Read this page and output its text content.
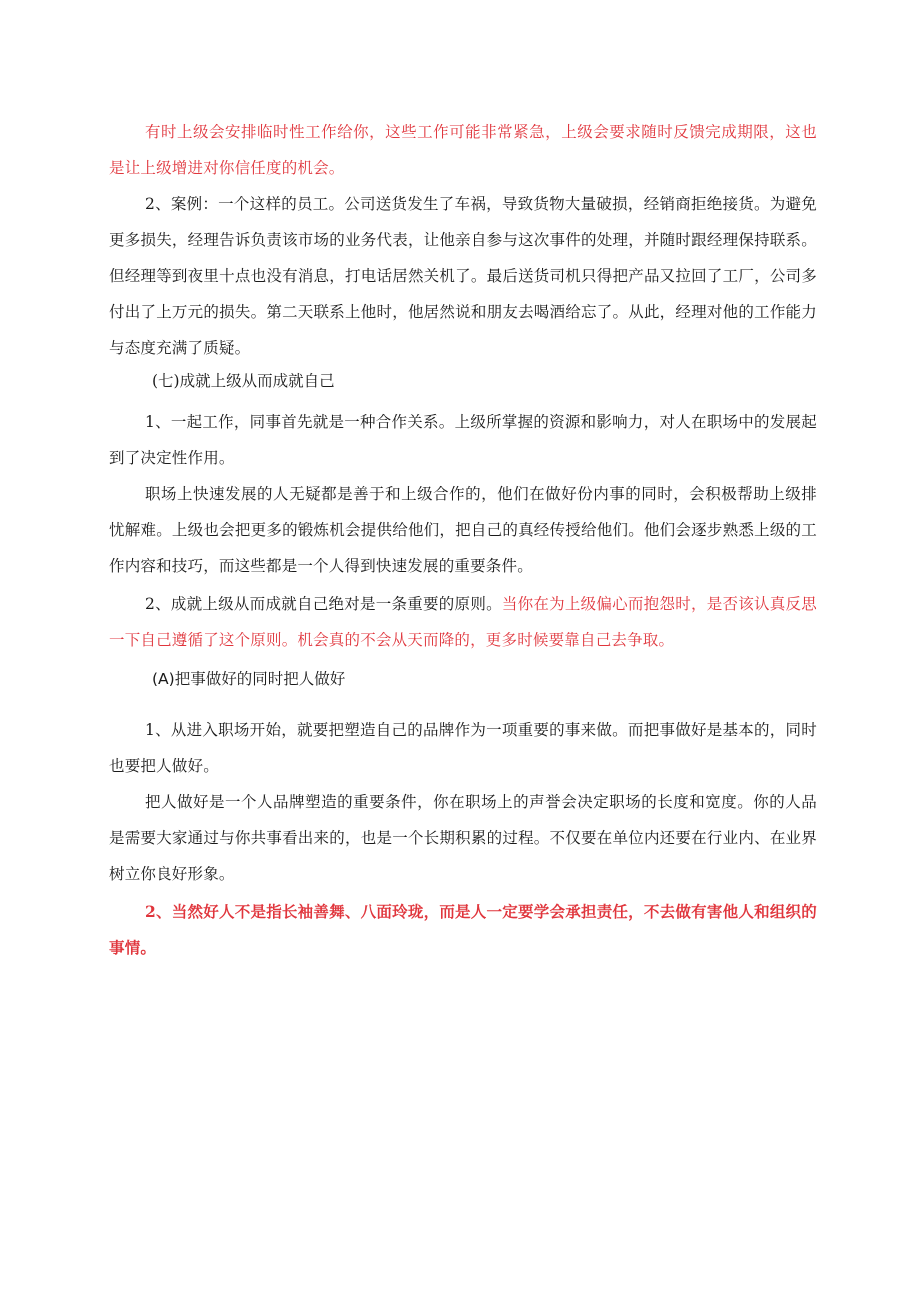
有时上级会安排临时性工作给你，这些工作可能非常紧急，上级会要求随时反馈完成期限，这也是让上级增进对你信任度的机会。

2、案例：一个这样的员工。公司送货发生了车祸，导致货物大量破损，经销商拒绝接货。为避免更多损失，经理告诉负责该市场的业务代表，让他亲自参与这次事件的处理，并随时跟经理保持联系。但经理等到夜里十点也没有消息，打电话居然关机了。最后送货司机只得把产品又拉回了工厂，公司多付出了上万元的损失。第二天联系上他时，他居然说和朋友去喝酒给忘了。从此，经理对他的工作能力与态度充满了质疑。

(七)成就上级从而成就自己

1、一起工作，同事首先就是一种合作关系。上级所掌握的资源和影响力，对人在职场中的发展起到了决定性作用。

职场上快速发展的人无疑都是善于和上级合作的，他们在做好份内事的同时，会积极帮助上级排忧解难。上级也会把更多的锻炼机会提供给他们，把自己的真经传授给他们。他们会逐步熟悉上级的工作内容和技巧，而这些都是一个人得到快速发展的重要条件。

2、成就上级从而成就自己绝对是一条重要的原则。当你在为上级偏心而抱怨时，是否该认真反思一下自己遵循了这个原则。机会真的不会从天而降的，更多时候要靠自己去争取。

(A)把事做好的同时把人做好

1、从进入职场开始，就要把塑造自己的品牌作为一项重要的事来做。而把事做好是基本的，同时也要把人做好。

把人做好是一个人品牌塑造的重要条件，你在职场上的声誉会决定职场的长度和宽度。你的人品是需要大家通过与你共事看出来的，也是一个长期积累的过程。不仅要在单位内还要在行业内、在业界树立你良好形象。

2、当然好人不是指长袖善舞、八面玲珑，而是人一定要学会承担责任，不去做有害他人和组织的事情。
